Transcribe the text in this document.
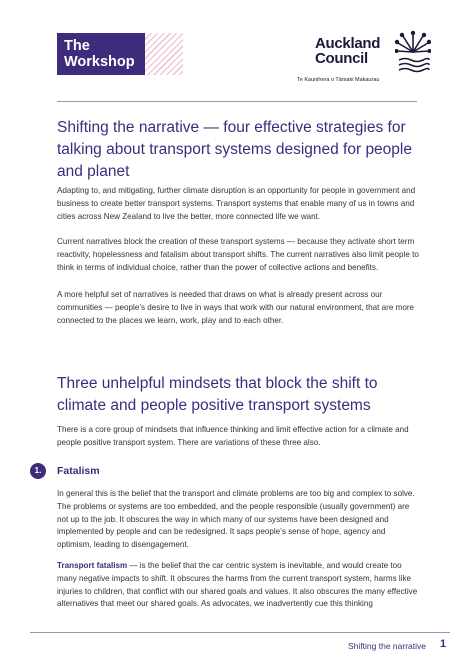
The Workshop
Auckland Council
Te Kaunihera o Tāmaki Makaurau
Shifting the narrative — four effective strategies for talking about transport systems designed for people and planet

Adapting to, and mitigating, further climate disruption is an opportunity for people in government and business to create better transport systems. Transport systems that enable many of us in towns and cities across New Zealand to live the better, more connected life we want.

Current narratives block the creation of these transport systems — because they activate short term reactivity, hopelessness and fatalism about transport shifts. The current narratives also limit people to think in terms of individual choice, rather than the power of collective actions and benefits.

A more helpful set of narratives is needed that draws on what is already present across our communities — people’s desire to live in ways that work with our natural environment, that are more connected to the places we learn, work, play and to each other.

Three unhelpful mindsets that block the shift to climate and people positive transport systems

There is a core group of mindsets that influence thinking and limit effective action for a climate and people positive transport system. There are variations of these three also.

1.	Fatalism

In general this is the belief that the transport and climate problems are too big and complex to solve. The problems or systems are too embedded, and the people responsible (usually government) are not up to the job. It obscures the way in which many of our systems have been designed and implemented by people and can be redesigned. It saps people’s sense of hope, agency and optimism, leading to disengagement.

Transport fatalism — is the belief that the car centric system is inevitable, and would create too many negative impacts to shift. It obscures the harms from the current transport system, harms like injuries to children, that conflict with our shared goals and values. It also obscures the many effective alternatives that meet our shared goals. As advocates, we inadvertently cue this thinking

Shifting the narrative 1
